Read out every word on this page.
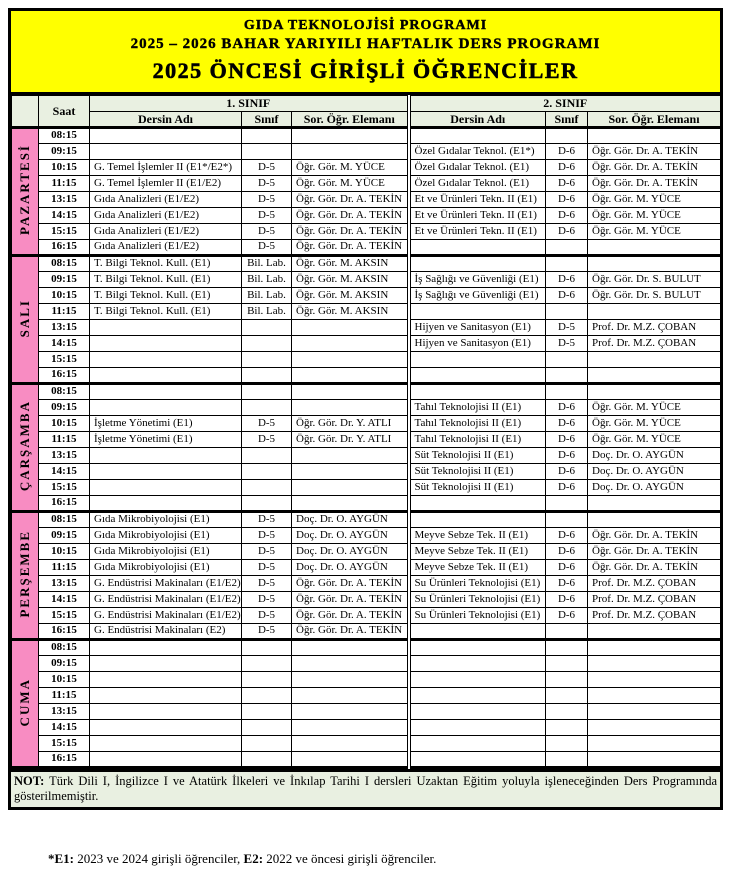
GIDA TEKNOLOJİSİ PROGRAMI
2025 – 2026 BAHAR YARIYILI HAFTALIK DERS PROGRAMI
2025 ÖNCESİ GİRİŞLİ ÖĞRENCİLER
	Saat	1. SINIF			2. SINIF		
		Dersin Adı	Sınıf	Sor. Öğr. Elemanı	Dersin Adı	Sınıf	Sor. Öğr. Elemanı
PAZARTESİ	08:15						
	09:15				Özel Gıdalar Teknol. (E1*)	D-6	Öğr. Gör. Dr. A. TEKİN
	10:15	G. Temel İşlemler II (E1*/E2*)	D-5	Öğr. Gör. M. YÜCE	Özel Gıdalar Teknol. (E1)	D-6	Öğr. Gör. Dr. A. TEKİN
	11:15	G. Temel İşlemler II (E1/E2)	D-5	Öğr. Gör. M. YÜCE	Özel Gıdalar Teknol. (E1)	D-6	Öğr. Gör. Dr. A. TEKİN
	13:15	Gıda Analizleri (E1/E2)	D-5	Öğr. Gör. Dr. A. TEKİN	Et ve Ürünleri Tekn. II (E1)	D-6	Öğr. Gör. M. YÜCE
	14:15	Gıda Analizleri (E1/E2)	D-5	Öğr. Gör. Dr. A. TEKİN	Et ve Ürünleri Tekn. II (E1)	D-6	Öğr. Gör. M. YÜCE
	15:15	Gıda Analizleri (E1/E2)	D-5	Öğr. Gör. Dr. A. TEKİN	Et ve Ürünleri Tekn. II (E1)	D-6	Öğr. Gör. M. YÜCE
	16:15	Gıda Analizleri (E1/E2)	D-5	Öğr. Gör. Dr. A. TEKİN			
SALI	08:15	T. Bilgi Teknol. Kull. (E1)	Bil. Lab.	Öğr. Gör. M. AKSIN			
	09:15	T. Bilgi Teknol. Kull. (E1)	Bil. Lab.	Öğr. Gör. M. AKSIN	İş Sağlığı ve Güvenliği (E1)	D-6	Öğr. Gör. Dr. S. BULUT
	10:15	T. Bilgi Teknol. Kull. (E1)	Bil. Lab.	Öğr. Gör. M. AKSIN	İş Sağlığı ve Güvenliği (E1)	D-6	Öğr. Gör. Dr. S. BULUT
	11:15	T. Bilgi Teknol. Kull. (E1)	Bil. Lab.	Öğr. Gör. M. AKSIN			
	13:15				Hijyen ve Sanitasyon (E1)	D-5	Prof. Dr. M.Z. ÇOBAN
	14:15				Hijyen ve Sanitasyon (E1)	D-5	Prof. Dr. M.Z. ÇOBAN
	15:15						
	16:15						
ÇARŞAMBA	08:15						
	09:15				Tahıl Teknolojisi II (E1)	D-6	Öğr. Gör. M. YÜCE
	10:15	İşletme Yönetimi (E1)	D-5	Öğr. Gör. Dr. Y. ATLI	Tahıl Teknolojisi II (E1)	D-6	Öğr. Gör. M. YÜCE
	11:15	İşletme Yönetimi (E1)	D-5	Öğr. Gör. Dr. Y. ATLI	Tahıl Teknolojisi II (E1)	D-6	Öğr. Gör. M. YÜCE
	13:15				Süt Teknolojisi II (E1)	D-6	Doç. Dr. O. AYGÜN
	14:15				Süt Teknolojisi II (E1)	D-6	Doç. Dr. O. AYGÜN
	15:15				Süt Teknolojisi II (E1)	D-6	Doç. Dr. O. AYGÜN
	16:15						
PERŞEMBE	08:15	Gıda Mikrobiyolojisi (E1)	D-5	Doç. Dr. O. AYGÜN			
	09:15	Gıda Mikrobiyolojisi (E1)	D-5	Doç. Dr. O. AYGÜN	Meyve Sebze Tek. II (E1)	D-6	Öğr. Gör. Dr. A. TEKİN
	10:15	Gıda Mikrobiyolojisi (E1)	D-5	Doç. Dr. O. AYGÜN	Meyve Sebze Tek. II (E1)	D-6	Öğr. Gör. Dr. A. TEKİN
	11:15	Gıda Mikrobiyolojisi (E1)	D-5	Doç. Dr. O. AYGÜN	Meyve Sebze Tek. II (E1)	D-6	Öğr. Gör. Dr. A. TEKİN
	13:15	G. Endüstrisi Makinaları (E1/E2)	D-5	Öğr. Gör. Dr. A. TEKİN	Su Ürünleri Teknolojisi (E1)	D-6	Prof. Dr. M.Z. ÇOBAN
	14:15	G. Endüstrisi Makinaları (E1/E2)	D-5	Öğr. Gör. Dr. A. TEKİN	Su Ürünleri Teknolojisi (E1)	D-6	Prof. Dr. M.Z. ÇOBAN
	15:15	G. Endüstrisi Makinaları (E1/E2)	D-5	Öğr. Gör. Dr. A. TEKİN	Su Ürünleri Teknolojisi (E1)	D-6	Prof. Dr. M.Z. ÇOBAN
	16:15	G. Endüstrisi Makinaları (E2)	D-5	Öğr. Gör. Dr. A. TEKİN			
CUMA	08:15						
	09:15						
	10:15						
	11:15						
	13:15						
	14:15						
	15:15						
	16:15						
NOT: Türk Dili I, İngilizce I ve Atatürk İlkeleri ve İnkılap Tarihi I dersleri Uzaktan Eğitim yoluyla işleneceğinden Ders Programında gösterilmemiştir.
*E1: 2023 ve 2024 girişli öğrenciler, E2: 2022 ve öncesi girişli öğrenciler.
